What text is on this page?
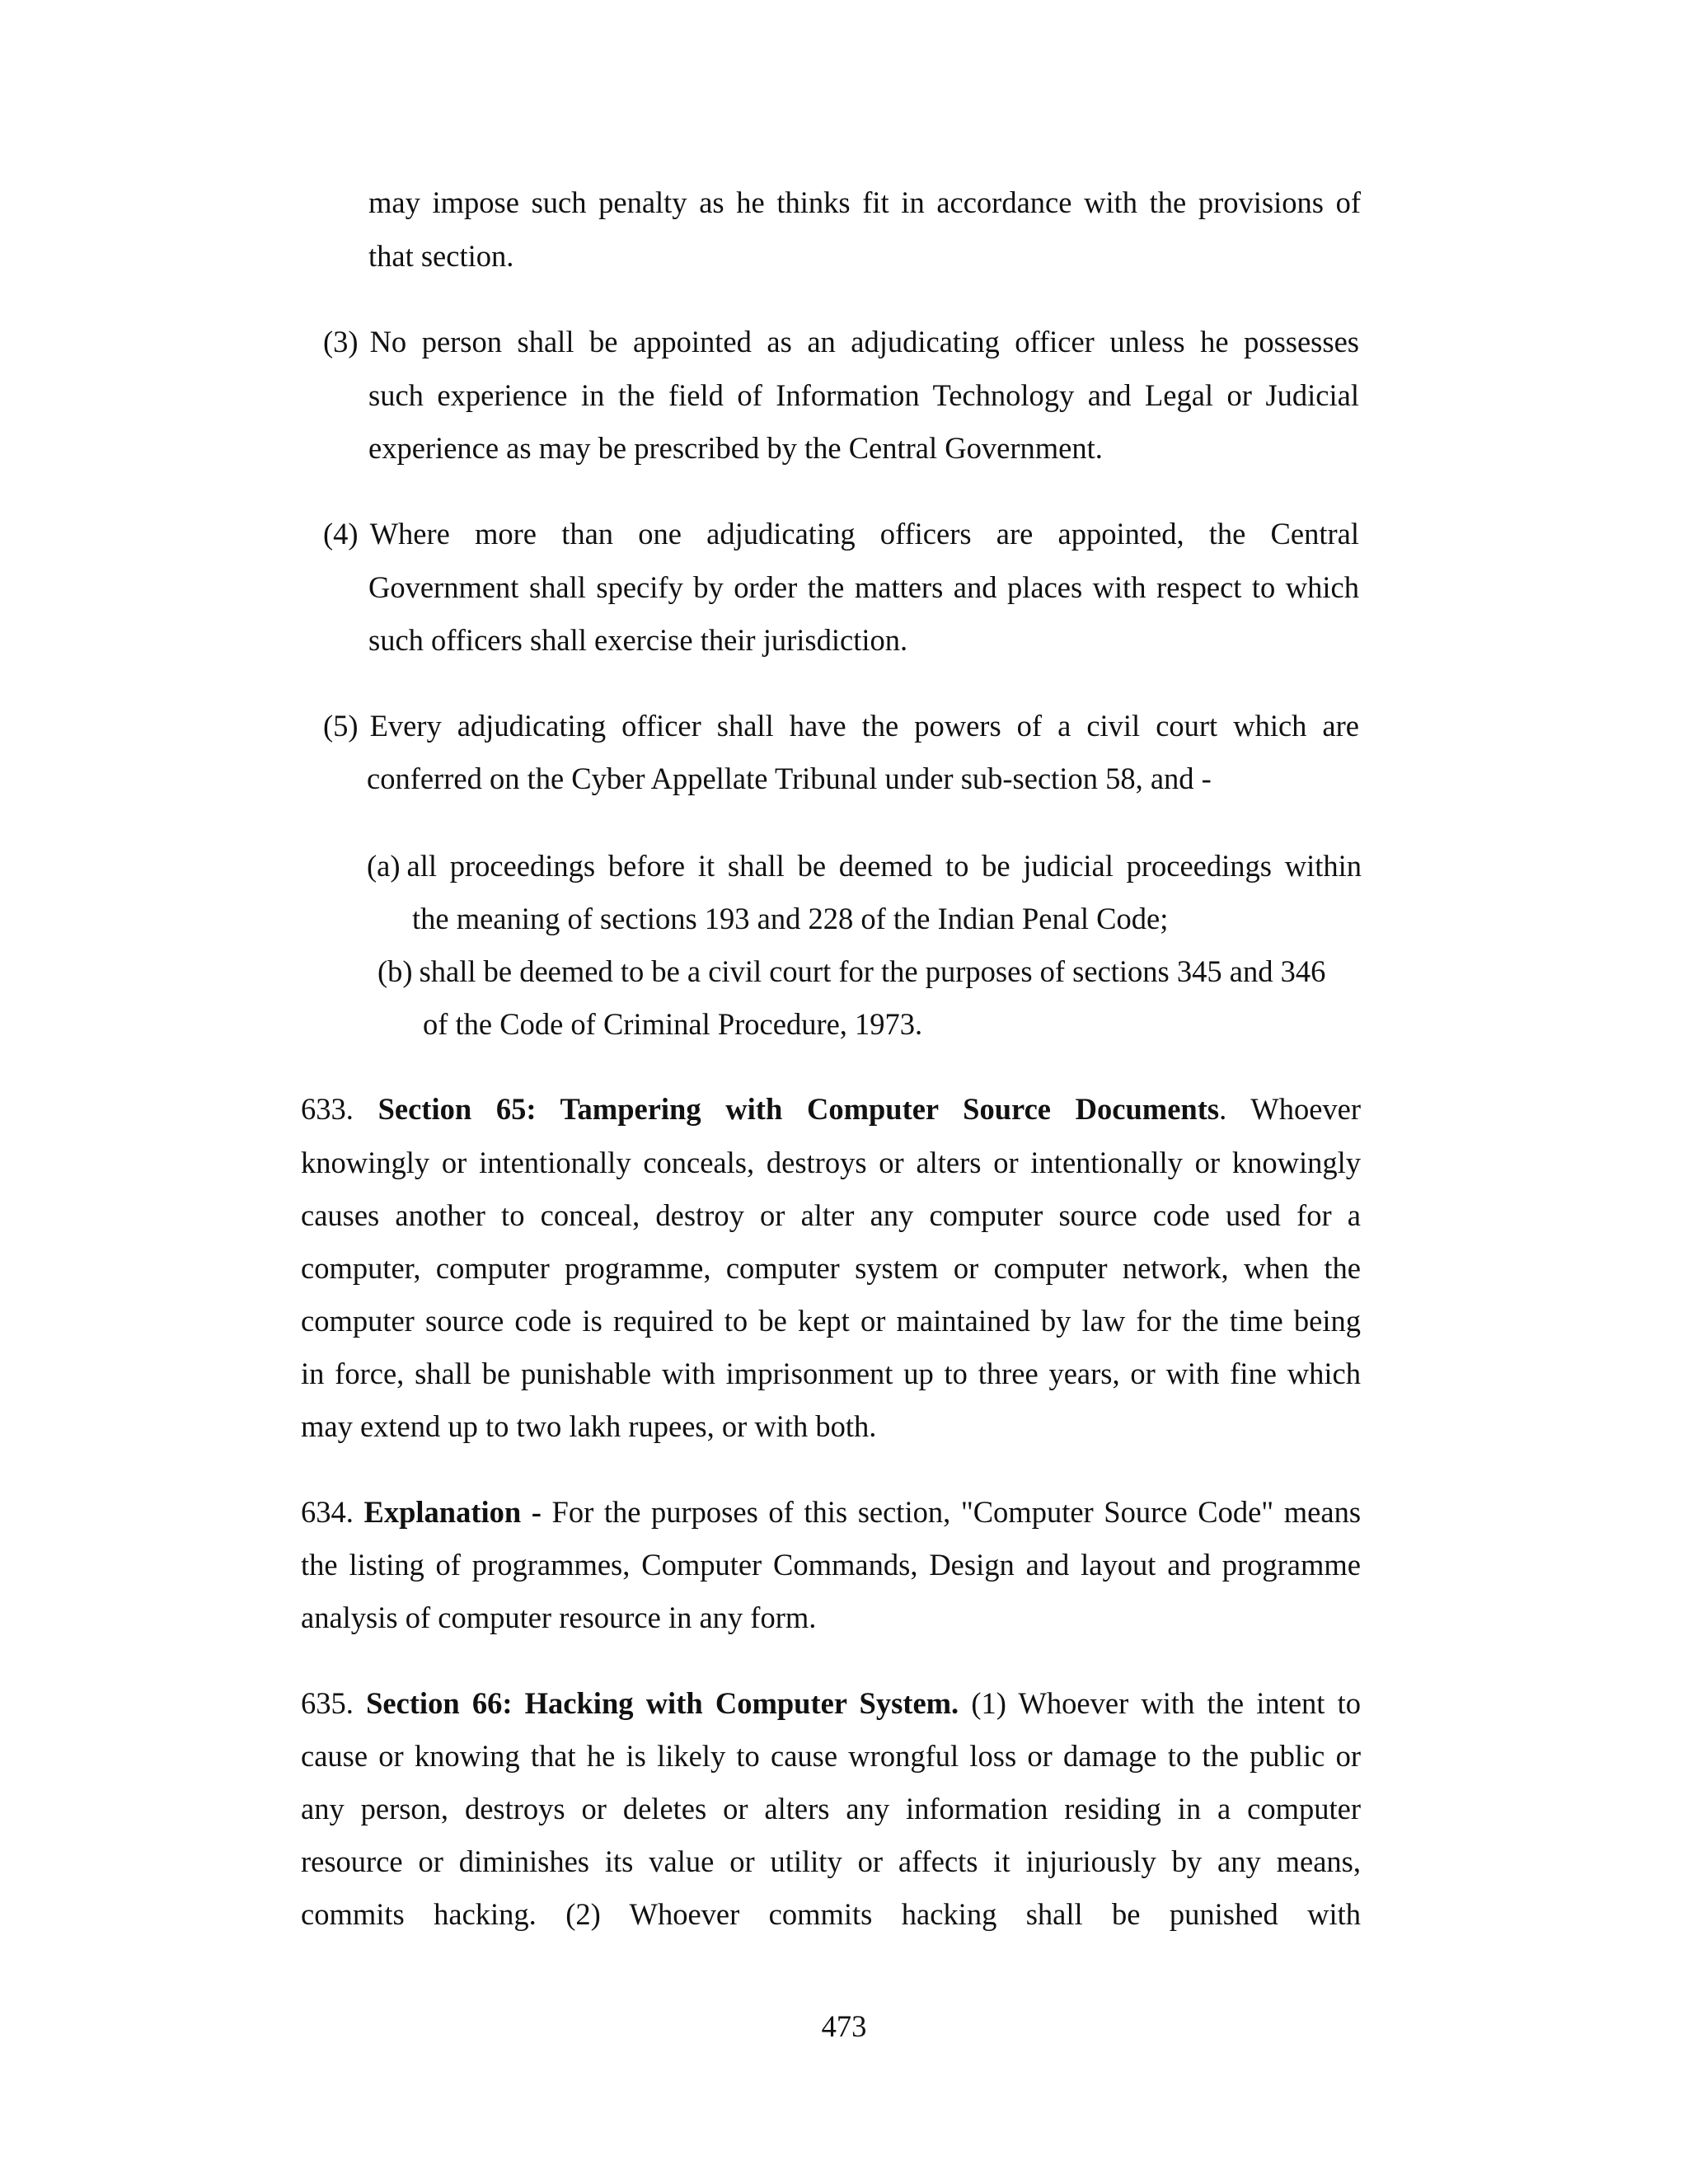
may impose such penalty as he thinks fit in accordance with the provisions of
that section.
(3) No person shall be appointed as an adjudicating officer unless he possesses
such experience in the field of Information Technology and Legal or Judicial
experience as may be prescribed by the Central Government.
(4) Where more than one adjudicating officers are appointed, the Central
Government shall specify by order the matters and places with respect to which
such officers shall exercise their jurisdiction.
(5) Every adjudicating officer shall have the powers of a civil court which are
conferred on the Cyber Appellate Tribunal under sub-section 58, and -
(a) all proceedings before it shall be deemed to be judicial proceedings within
the meaning of sections 193 and 228 of the Indian Penal Code;
(b) shall be deemed to be a civil court for the purposes of sections 345 and 346
of the Code of Criminal Procedure, 1973.
633. Section 65: Tampering with Computer Source Documents. Whoever
knowingly or intentionally conceals, destroys or alters or intentionally or knowingly
causes another to conceal, destroy or alter any computer source code used for a
computer, computer programme, computer system or computer network, when the
computer source code is required to be kept or maintained by law for the time being
in force, shall be punishable with imprisonment up to three years, or with fine which
may extend up to two lakh rupees, or with both.
634. Explanation - For the purposes of this section, "Computer Source Code" means
the listing of programmes, Computer Commands, Design and layout and programme
analysis of computer resource in any form.
635. Section 66: Hacking with Computer System. (1) Whoever with the intent to
cause or knowing that he is likely to cause wrongful loss or damage to the public or
any person, destroys or deletes or alters any information residing in a computer
resource or diminishes its value or utility or affects it injuriously by any means,
commits hacking. (2) Whoever commits hacking shall be punished with
473
